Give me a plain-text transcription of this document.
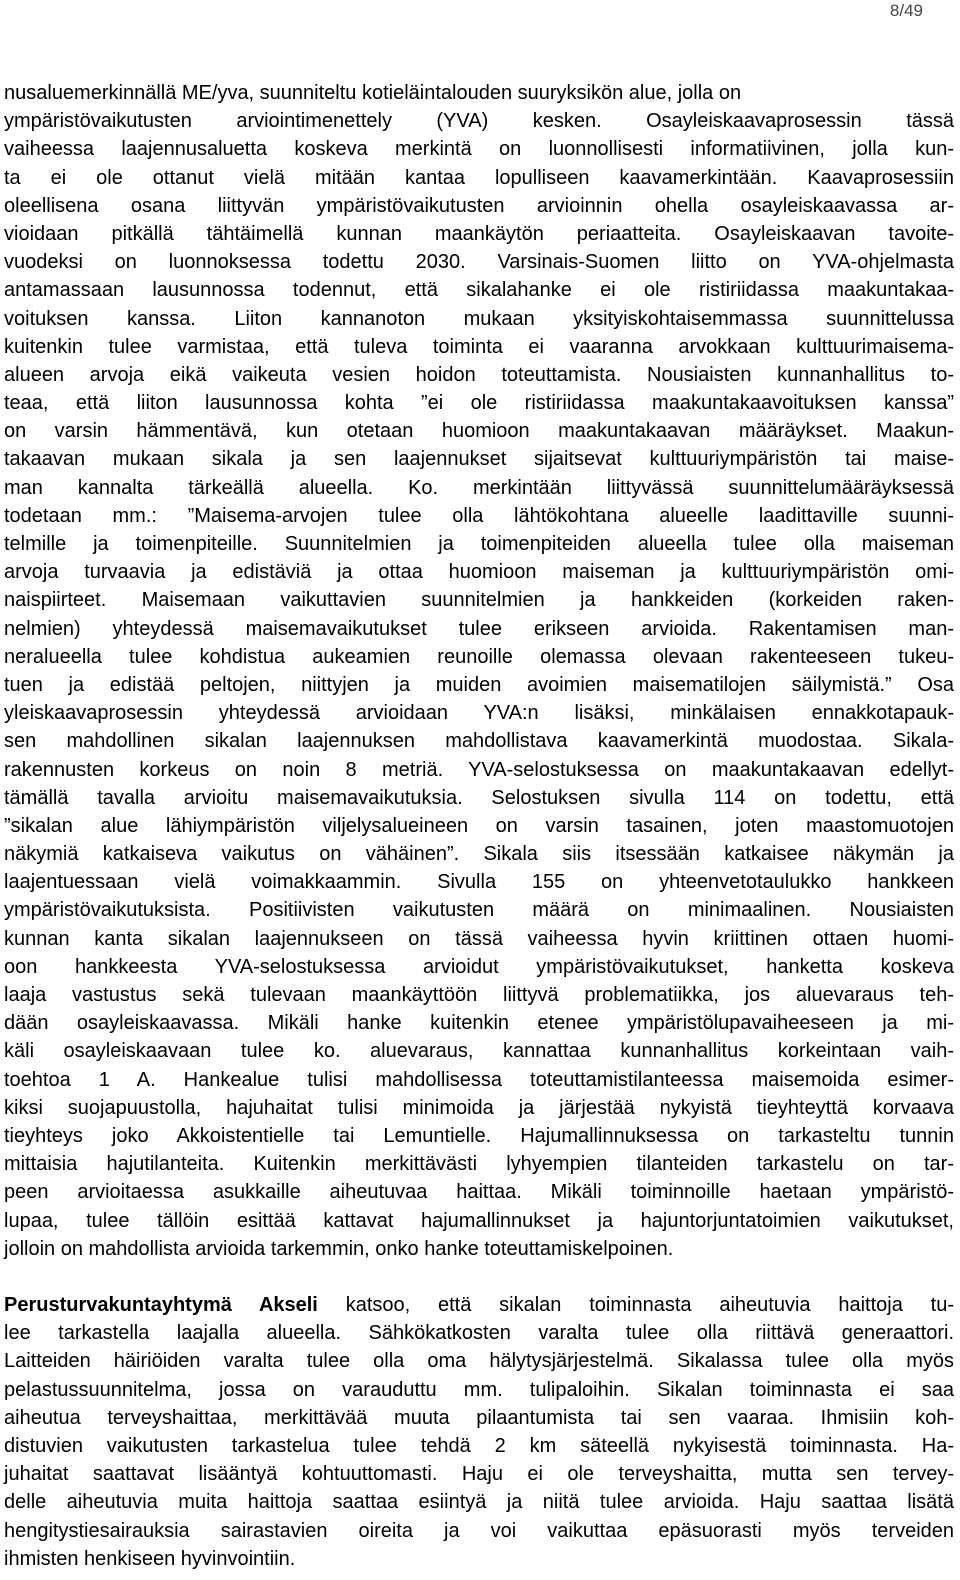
8/49
nusaluemerkinnällä ME/yva, suunniteltu kotieläintalouden suuryksikön alue, jolla on
ympäristövaikutusten arviointimenettely (YVA) kesken. Osayleiskaavaprosessin tässä
vaiheessa laajennusaluetta koskeva merkintä on luonnollisesti informatiivinen, jolla kun-
ta ei ole ottanut vielä mitään kantaa lopulliseen kaavamerkintään. Kaavaprosessiin
oleellisena osana liittyvän ympäristövaikutusten arvioinnin ohella osayleiskaavassa ar-
vioidaan pitkällä tähtäimellä kunnan maankäytön periaatteita. Osayleiskaavan tavoite-
vuodeksi on luonnoksessa todettu 2030. Varsinais-Suomen liitto on YVA-ohjelmasta
antamassaan lausunnossa todennut, että sikalahanke ei ole ristiriidassa maakuntakaa-
voituksen kanssa. Liiton kannanoton mukaan yksityiskohtaisemmassa suunnittelussa
kuitenkin tulee varmistaa, että tuleva toiminta ei vaaranna arvokkaan kulttuurimaisema-
alueen arvoja eikä vaikeuta vesien hoidon toteuttamista. Nousiaisten kunnanhallitus to-
teaa, että liiton lausunnossa kohta ”ei ole ristiriidassa maakuntakaavoituksen kanssa”
on varsin hämmentävä, kun otetaan huomioon maakuntakaavan määräykset. Maakun-
takaavan mukaan sikala ja sen laajennukset sijaitsevat kulttuuriympäristön tai maise-
man kannalta tärkeällä alueella. Ko. merkintään liittyvässä suunnittelumääräyksessä
todetaan mm.: ”Maisema-arvojen tulee olla lähtökohtana alueelle laadittaville suunni-
telmille ja toimenpiteille. Suunnitelmien ja toimenpiteiden alueella tulee olla maiseman
arvoja turvaavia ja edistäviä ja ottaa huomioon maiseman ja kulttuuriympäristön omi-
naispiirteet. Maisemaan vaikuttavien suunnitelmien ja hankkeiden (korkeiden raken-
nelmien) yhteydessä maisemavaikutukset tulee erikseen arvioida. Rakentamisen man-
neralueella tulee kohdistua aukeamien reunoille olemassa olevaan rakenteeseen tukeu-
tuen ja edistää peltojen, niittyjen ja muiden avoimien maisematilojen säilymistä.” Osa
yleiskaavaprosessin yhteydessä arvioidaan YVA:n lisäksi, minkälaisen ennakkotapauk-
sen mahdollinen sikalan laajennuksen mahdollistava kaavamerkintä muodostaa. Sikala-
rakennusten korkeus on noin 8 metriä. YVA-selostuksessa on maakuntakaavan edellyt-
tämällä tavalla arvioitu maisemavaikutuksia. Selostuksen sivulla 114 on todettu, että
”sikalan alue lähiympäristön viljelysalueineen on varsin tasainen, joten maastomuotojen
näkymiä katkaiseva vaikutus on vähäinen”. Sikala siis itsessään katkaisee näkymän ja
laajentuessaan vielä voimakkaammin. Sivulla 155 on yhteenvetotaulukko hankkeen
ympäristövaikutuksista. Positiivisten vaikutusten määrä on minimaalinen. Nousiaisten
kunnan kanta sikalan laajennukseen on tässä vaiheessa hyvin kriittinen ottaen huomi-
oon hankkeesta YVA-selostuksessa arvioidut ympäristövaikutukset, hanketta koskeva
laaja vastustus sekä tulevaan maankäyttöön liittyvä problematiikka, jos aluevaraus teh-
dään osayleiskaavassa. Mikäli hanke kuitenkin etenee ympäristölupavaiheeseen ja mi-
käli osayleiskaavaan tulee ko. aluevaraus, kannattaa kunnanhallitus korkeintaan vaih-
toehtoa 1 A. Hankealue tulisi mahdollisessa toteuttamistilanteessa maisemoida esimer-
kiksi suojapuustolla, hajuhaitat tulisi minimoida ja järjestää nykyistä tieyhteyttä korvaava
tieyhteys joko Akkoistentielle tai Lemuntielle. Hajumallinnuksessa on tarkasteltu tunnin
mittaisia hajutilanteita. Kuitenkin merkittävästi lyhyempien tilanteiden tarkastelu on tar-
peen arvioitaessa asukkaille aiheutuvaa haittaa. Mikäli toiminnoille haetaan ympäristö-
lupaa, tulee tällöin esittää kattavat hajumallinnukset ja hajuntorjuntatoimien vaikutukset,
jolloin on mahdollista arvioida tarkemmin, onko hanke toteuttamiskelpoinen.
Perusturvakuntayhtymä Akseli katsoo, että sikalan toiminnasta aiheutuvia haittoja tu-
lee tarkastella laajalla alueella. Sähkökatkosten varalta tulee olla riittävä generaattori.
Laitteiden häiriöiden varalta tulee olla oma hälytysjärjestelmä. Sikalassa tulee olla myös
pelastussuunnitelma, jossa on varauduttu mm. tulipaloihin. Sikalan toiminnasta ei saa
aiheutua terveyshaittaa, merkittävää muuta pilaantumista tai sen vaaraa. Ihmisiin koh-
distuvien vaikutusten tarkastelua tulee tehdä 2 km säteellä nykyisestä toiminnasta. Ha-
juhaitat saattavat lisääntyä kohtuuttomasti. Haju ei ole terveyshaitta, mutta sen tervey-
delle aiheutuvia muita haittoja saattaa esiintyä ja niitä tulee arvioida. Haju saattaa lisätä
hengitystiesairauksia sairastavien oireita ja voi vaikuttaa epäsuorasti myös terveiden
ihmisten henkiseen hyvinvointiin.
